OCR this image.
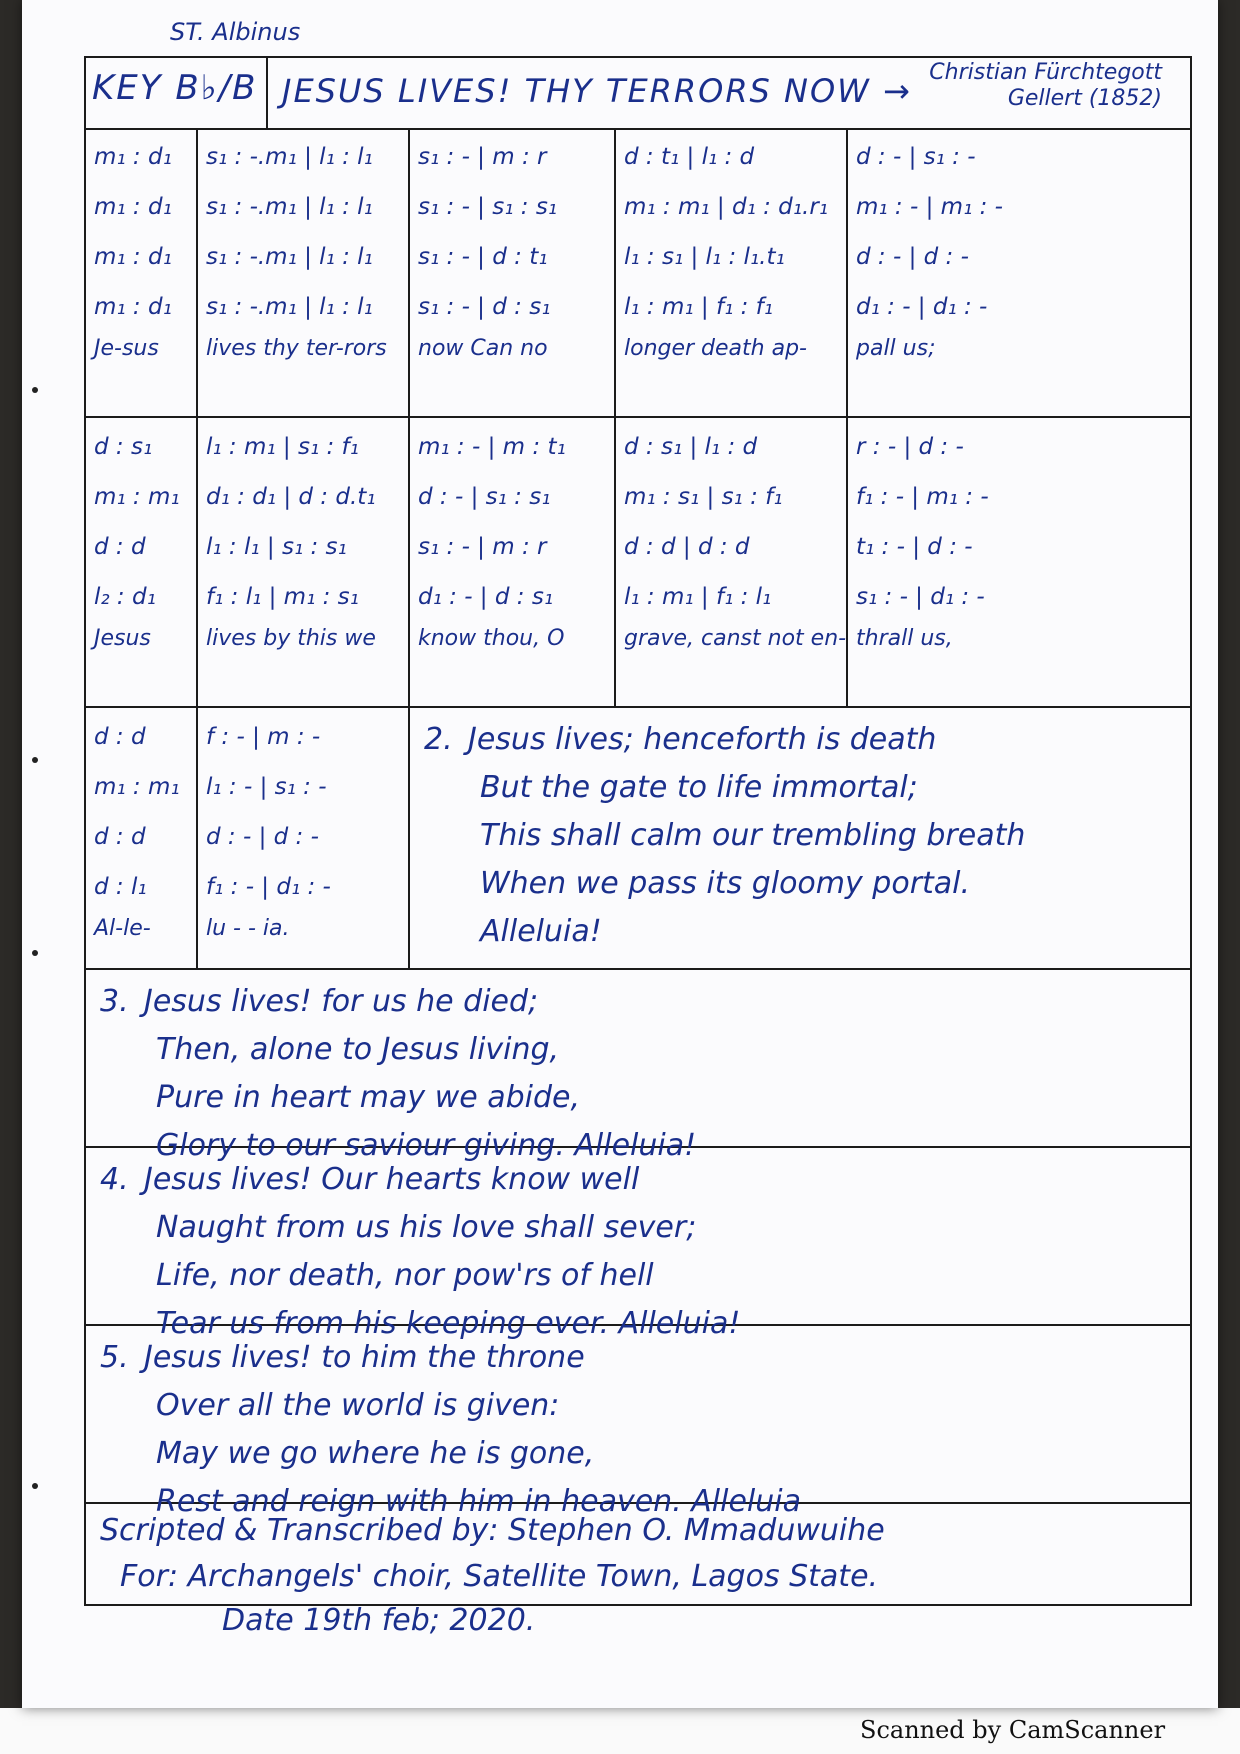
Scanned by CamScanner
ST. Albinus
KEY B♭/B JESUS LIVES! THY TERRORS NOW → Christian Fürchtegott
Gellert (1852)
m₁ : d₁
m₁ : d₁
m₁ : d₁
m₁ : d₁
Je-sus
s₁ : -.m₁ | l₁ : l₁
s₁ : -.m₁ | l₁ : l₁
s₁ : -.m₁ | l₁ : l₁
s₁ : -.m₁ | l₁ : l₁
lives thy ter-rors
s₁ : - | m : r
s₁ : - | s₁ : s₁
s₁ : - | d : t₁
s₁ : - | d : s₁
now Can no
d : t₁ | l₁ : d
m₁ : m₁ | d₁ : d₁.r₁
l₁ : s₁ | l₁ : l₁.t₁
l₁ : m₁ | f₁ : f₁
longer death ap-
d : - | s₁ : -
m₁ : - | m₁ : -
d : - | d : -
d₁ : - | d₁ : -
pall us;
d : s₁
m₁ : m₁
d : d
l₂ : d₁
Jesus
l₁ : m₁ | s₁ : f₁
d₁ : d₁ | d : d.t₁
l₁ : l₁ | s₁ : s₁
f₁ : l₁ | m₁ : s₁
lives by this we
m₁ : - | m : t₁
d : - | s₁ : s₁
s₁ : - | m : r
d₁ : - | d : s₁
know thou, O
d : s₁ | l₁ : d
m₁ : s₁ | s₁ : f₁
d : d | d : d
l₁ : m₁ | f₁ : l₁
grave, canst not en-
r : - | d : -
f₁ : - | m₁ : -
t₁ : - | d : -
s₁ : - | d₁ : -
thrall us,
d : d
m₁ : m₁
d : d
d : l₁
Al-le-
f : - | m : -
l₁ : - | s₁ : -
d : - | d : -
f₁ : - | d₁ : -
lu - - ia.
2. Jesus lives; henceforth is death
But the gate to life immortal;
This shall calm our trembling breath
When we pass its gloomy portal.
Alleluia!
3. Jesus lives! for us he died;
Then, alone to Jesus living,
Pure in heart may we abide,
Glory to our saviour giving. Alleluia!
4. Jesus lives! Our hearts know well
Naught from us his love shall sever;
Life, nor death, nor pow'rs of hell
Tear us from his keeping ever. Alleluia!
5. Jesus lives! to him the throne
Over all the world is given:
May we go where he is gone,
Rest and reign with him in heaven. Alleluia
Scripted & Transcribed by: Stephen O. Mmaduwuihe
For: Archangels' choir, Satellite Town, Lagos State.
Date 19th feb; 2020.
